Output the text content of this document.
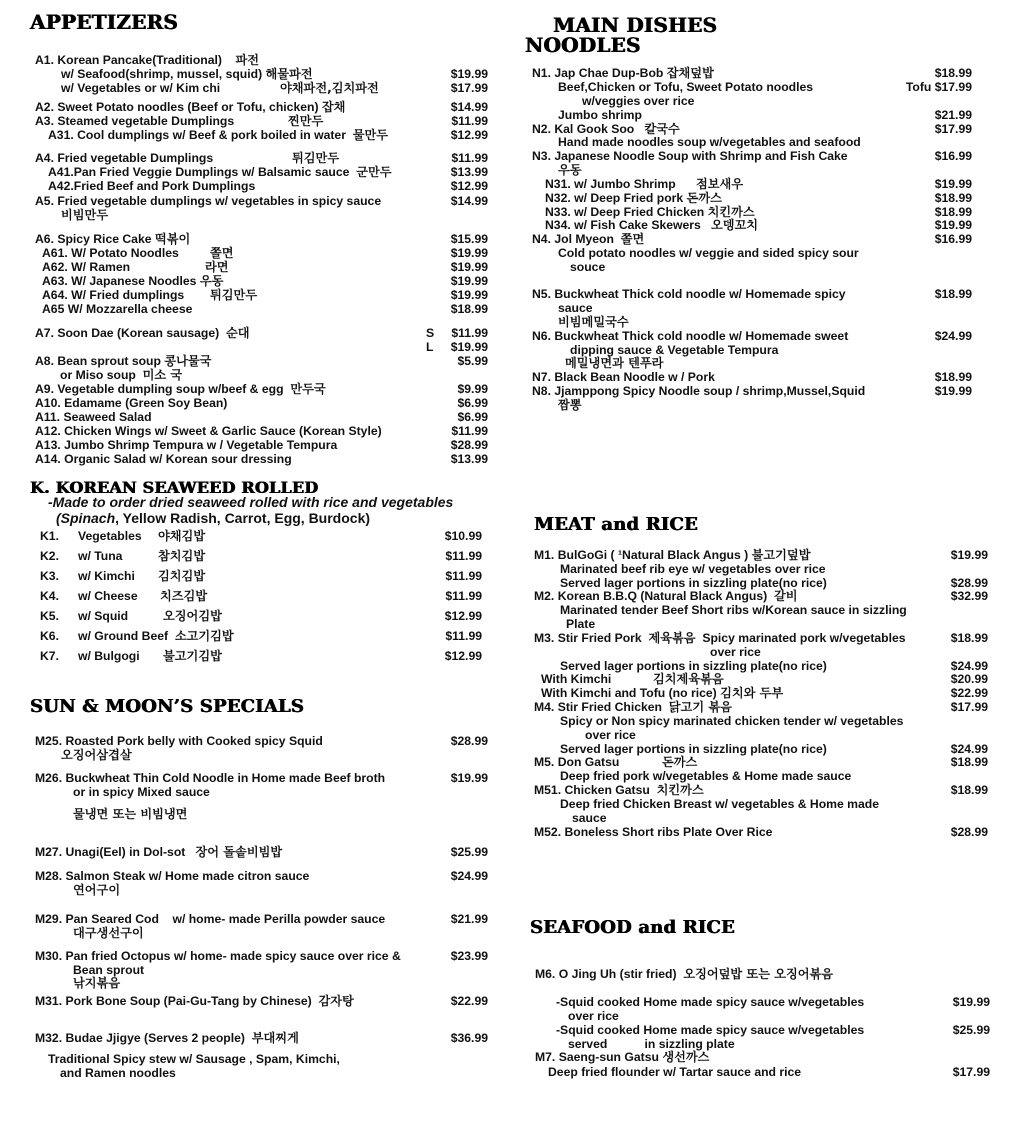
APPETIZERS
A1. Korean Pancake(Traditional) 파전
w/ Seafood(shrimp, mussel, squid) 해물파전	$19.99
w/ Vegetables or w/ Kim chi	야채파전,김치파전	$17.99
A2. Sweet Potato noodles (Beef or Tofu, chicken) 잡채	$14.99
A3. Steamed vegetable Dumplings	찐만두	$11.99
A31. Cool dumplings w/ Beef & pork boiled in water 물만두	$12.99
A4. Fried vegetable Dumplings	튀김만두	$11.99
A41.Pan Fried Veggie Dumplings w/ Balsamic sauce 군만두	$13.99
A42.Fried Beef and Pork Dumplings	$12.99
A5. Fried vegetable dumplings w/ vegetables in spicy sauce	$14.99
비빔만두
A6. Spicy Rice Cake 떡볶이	$15.99
A61. W/ Potato Noodles	쫄면	$19.99
A62. W/ Ramen	라면	$19.99
A63. W/ Japanese Noodles 우동	$19.99
A64. W/ Fried dumplings 튀김만두	$19.99
A65 W/ Mozzarella cheese	$18.99
A7. Soon Dae (Korean sausage) 순대	S $11.99
L $19.99
A8. Bean sprout soup 콩나물국	$5.99
or Miso soup 미소 국
A9. Vegetable dumpling soup w/beef & egg 만두국	$9.99
A10. Edamame (Green Soy Bean)	$6.99
A11. Seaweed Salad	$6.99
A12. Chicken Wings w/ Sweet & Garlic Sauce (Korean Style)	$11.99
A13. Jumbo Shrimp Tempura w / Vegetable Tempura	$28.99
A14. Organic Salad w/ Korean sour dressing	$13.99
K. KOREAN SEAWEED ROLLED
-Made to order dried seaweed rolled with rice and vegetables
(Spinach, Yellow Radish, Carrot, Egg, Burdock)
K1. Vegetables 야채김밥	$10.99
K2. w/ Tuna	참치김밥	$11.99
K3. w/ Kimchi 김치김밥	$11.99
K4. w/ Cheese 치즈김밥	$11.99
K5. w/ Squid	오징어김밥	$12.99
K6. w/ Ground Beef 소고기김밥	$11.99
K7. w/ Bulgogi 불고기김밥	$12.99
SUN & MOON’S SPECIALS
M25. Roasted Pork belly with Cooked spicy Squid	$28.99
오징어삼겹살
M26. Buckwheat Thin Cold Noodle in Home made Beef broth	$19.99
or in spicy Mixed sauce
물냉면 또는 비빔냉면
M27. Unagi(Eel) in Dol-sot 장어 돌솥비빔밥	$25.99
M28. Salmon Steak w/ Home made citron sauce	$24.99
연어구이
M29. Pan Seared Cod    w/ home- made Perilla powder sauce	$21.99
대구생선구이
M30. Pan fried Octopus w/ home- made spicy sauce over rice &	$23.99
Bean sprout
낚지볶음
M31. Pork Bone Soup (Pai-Gu-Tang by Chinese) 감자탕	$22.99
M32. Budae Jjigye (Serves 2 people) 부대찌게	$36.99
Traditional Spicy stew w/ Sausage , Spam, Kimchi,
and Ramen noodles
MAIN DISHES
NOODLES
N1. Jap Chae Dup-Bob 잡채덮밥	$18.99
Beef,Chicken or Tofu, Sweet Potato noodles	Tofu $17.99
w/veggies over rice
Jumbo shrimp	$21.99
N2. Kal Gook Soo 칼국수	$17.99
Hand made noodles soup w/vegetables and seafood
N3. Japanese Noodle Soup with Shrimp and Fish Cake	$16.99
우동
N31. w/ Jumbo Shrimp 점보새우	$19.99
N32. w/ Deep Fried pork 돈까스	$18.99
N33. w/ Deep Fried Chicken 치킨까스	$18.99
N34. w/ Fish Cake Skewers 오뎅꼬치	$19.99
N4. Jol Myeon 쫄면	$16.99
Cold potato noodles w/ veggie and sided spicy sour
souce
N5. Buckwheat Thick cold noodle w/ Homemade spicy	$18.99
sauce
비빔메밀국수
N6. Buckwheat Thick cold noodle w/ Homemade sweet	$24.99
dipping sauce & Vegetable Tempura
메밀냉면과 텐푸라
N7. Black Bean Noodle w / Pork	$18.99
N8. Jjamppong Spicy Noodle soup / shrimp,Mussel,Squid	$19.99
짬뽕
MEAT and RICE
M1. BulGoGi ( ¹Natural Black Angus ) 불고기덮밥	$19.99
Marinated beef rib eye w/ vegetables over rice
Served lager portions in sizzling plate(no rice)	$28.99
M2. Korean B.B.Q (Natural Black Angus) 갈비	$32.99
Marinated tender Beef Short ribs w/Korean sauce in sizzling
Plate
M3. Stir Fried Pork 제육볶음 Spicy marinated pork w/vegetables	$18.99
over rice
Served lager portions in sizzling plate(no rice)	$24.99
With Kimchi	김치제육볶음	$20.99
With Kimchi and Tofu (no rice) 김치와 두부	$22.99
M4. Stir Fried Chicken 닭고기 볶음	$17.99
Spicy or Non spicy marinated chicken tender w/ vegetables
over rice
Served lager portions in sizzling plate(no rice)	$24.99
M5. Don Gatsu	돈까스	$18.99
Deep fried pork w/vegetables & Home made sauce
M51. Chicken Gatsu 치킨까스	$18.99
Deep fried Chicken Breast w/ vegetables & Home made
sauce
M52. Boneless Short ribs Plate Over Rice	$28.99
SEAFOOD and RICE
M6. O Jing Uh (stir fried) 오징어덮밥 또는 오징어볶음
-Squid cooked Home made spicy sauce w/vegetables	$19.99
over rice
-Squid cooked Home made spicy sauce w/vegetables	$25.99
served           in sizzling plate
M7. Saeng-sun Gatsu 생선까스
Deep fried flounder w/ Tartar sauce and rice	$17.99
